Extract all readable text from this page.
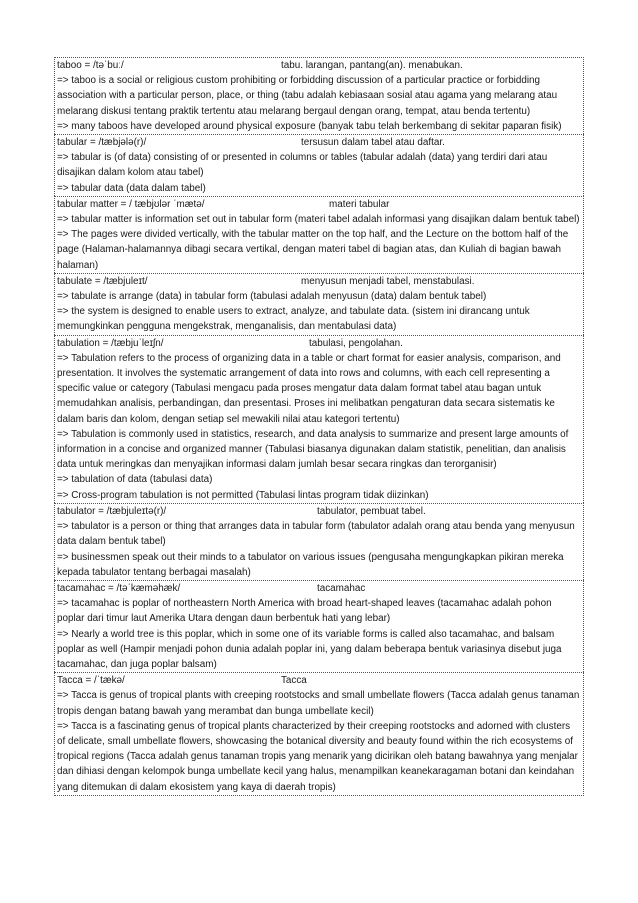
taboo = /təˈbuː/	tabu. larangan, pantang(an). menabukan.
=> taboo is a social or religious custom prohibiting or forbidding discussion of a particular practice or forbidding association with a particular person, place, or thing (tabu adalah kebiasaan sosial atau agama yang melarang atau melarang diskusi tentang praktik tertentu atau melarang bergaul dengan orang, tempat, atau benda tertentu)
=> many taboos have developed around physical exposure (banyak tabu telah berkembang di sekitar paparan fisik)
tabular = /tæbjələ(r)/	tersusun dalam tabel atau daftar.
=> tabular is (of data) consisting of or presented in columns or tables (tabular adalah (data) yang terdiri dari atau disajikan dalam kolom atau tabel)
=> tabular data (data dalam tabel)
tabular matter = / tæbjʊlər ˈmætə/	materi tabular
=> tabular matter is information set out in tabular form (materi tabel adalah informasi yang disajikan dalam bentuk tabel)
=> The pages were divided vertically, with the tabular matter on the top half, and the Lecture on the bottom half of the page (Halaman-halamannya dibagi secara vertikal, dengan materi tabel di bagian atas, dan Kuliah di bagian bawah halaman)
tabulate = /tæbjuleɪt/	menyusun menjadi tabel, menstabulasi.
=> tabulate is arrange (data) in tabular form (tabulasi adalah menyusun (data) dalam bentuk tabel)
=> the system is designed to enable users to extract, analyze, and tabulate data. (sistem ini dirancang untuk memungkinkan pengguna mengekstrak, menganalisis, dan mentabulasi data)
tabulation = /tæbjuˈleɪʃn/	tabulasi, pengolahan.
=> Tabulation refers to the process of organizing data in a table or chart format for easier analysis, comparison, and presentation. It involves the systematic arrangement of data into rows and columns, with each cell representing a specific value or category (Tabulasi mengacu pada proses mengatur data dalam format tabel atau bagan untuk memudahkan analisis, perbandingan, dan presentasi. Proses ini melibatkan pengaturan data secara sistematis ke dalam baris dan kolom, dengan setiap sel mewakili nilai atau kategori tertentu)
=> Tabulation is commonly used in statistics, research, and data analysis to summarize and present large amounts of information in a concise and organized manner (Tabulasi biasanya digunakan dalam statistik, penelitian, dan analisis data untuk meringkas dan menyajikan informasi dalam jumlah besar secara ringkas dan terorganisir)
=> tabulation of data (tabulasi data)
=> Cross-program tabulation is not permitted (Tabulasi lintas program tidak diizinkan)
tabulator = /tæbjuleɪtə(r)/	tabulator, pembuat tabel.
=> tabulator is a person or thing that arranges data in tabular form (tabulator adalah orang atau benda yang menyusun data dalam bentuk tabel)
=> businessmen speak out their minds to a tabulator on various issues (pengusaha mengungkapkan pikiran mereka kepada tabulator tentang berbagai masalah)
tacamahac = /təˈkæməhæk/	tacamahac
=> tacamahac is poplar of northeastern North America with broad heart-shaped leaves (tacamahac adalah pohon poplar dari timur laut Amerika Utara dengan daun berbentuk hati yang lebar)
=> Nearly a world tree is this poplar, which in some one of its variable forms is called also tacamahac, and balsam poplar as well (Hampir menjadi pohon dunia adalah poplar ini, yang dalam beberapa bentuk variasinya disebut juga tacamahac, dan juga poplar balsam)
Tacca = /ˈtækə/	Tacca
=> Tacca is genus of tropical plants with creeping rootstocks and small umbellate flowers (Tacca adalah genus tanaman tropis dengan batang bawah yang merambat dan bunga umbellate kecil)
=> Tacca is a fascinating genus of tropical plants characterized by their creeping rootstocks and adorned with clusters of delicate, small umbellate flowers, showcasing the botanical diversity and beauty found within the rich ecosystems of tropical regions (Tacca adalah genus tanaman tropis yang menarik yang dicirikan oleh batang bawahnya yang menjalar dan dihiasi dengan kelompok bunga umbellate kecil yang halus, menampilkan keanekaragaman botani dan keindahan yang ditemukan di dalam ekosistem yang kaya di daerah tropis)
